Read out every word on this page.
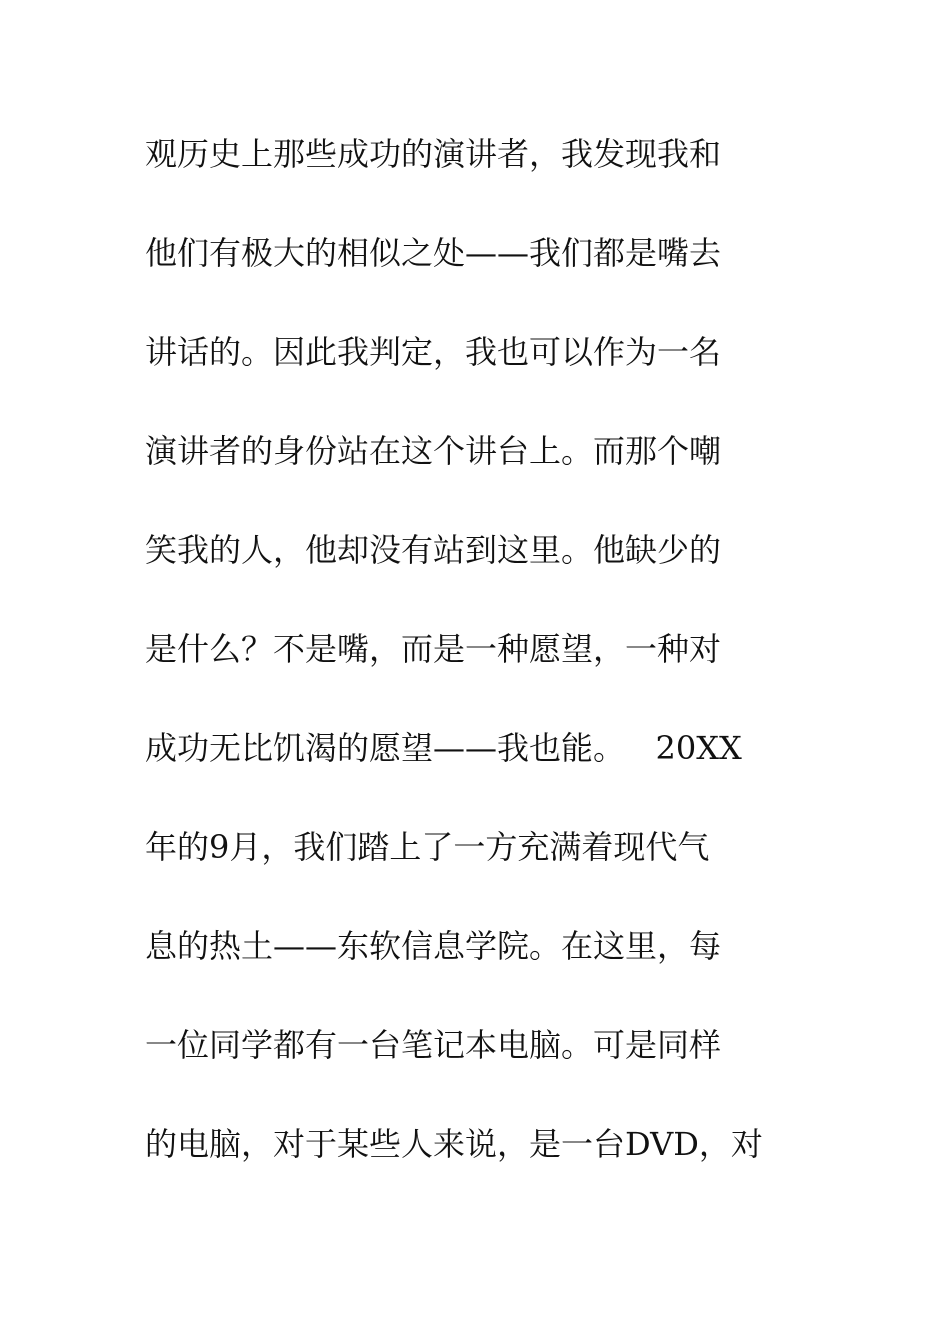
观历史上那些成功的演讲者，我发现我和
他们有极大的相似之处——我们都是嘴去
讲话的。因此我判定，我也可以作为一名
演讲者的身份站在这个讲台上。而那个嘲
笑我的人，他却没有站到这里。他缺少的
是什么？不是嘴，而是一种愿望，一种对
成功无比饥渴的愿望——我也能。   20XX
年的9月，我们踏上了一方充满着现代气
息的热土——东软信息学院。在这里，每
一位同学都有一台笔记本电脑。可是同样
的电脑，对于某些人来说，是一台DVD，对
